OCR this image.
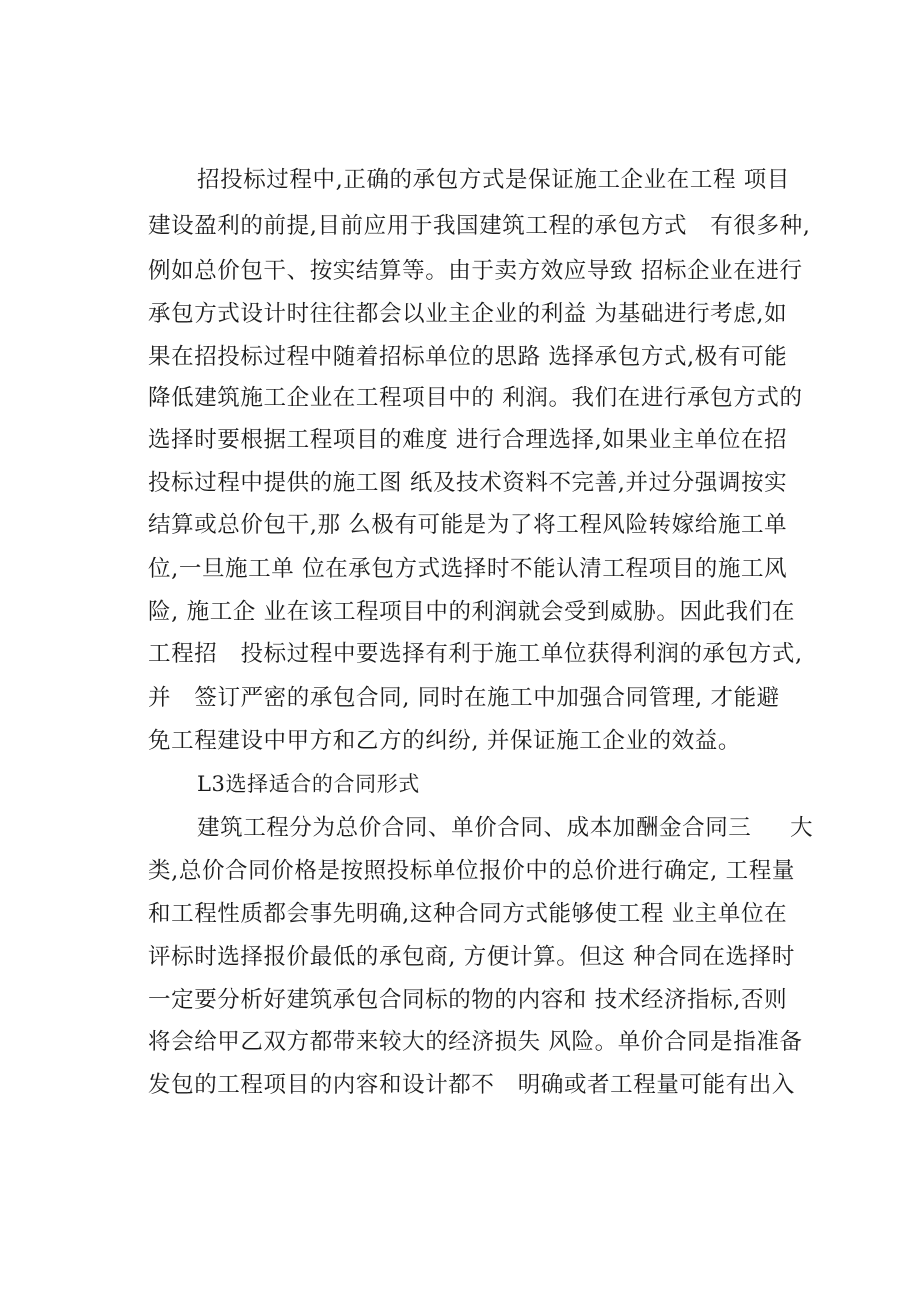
招投标过程中,正确的承包方式是保证施工企业在工程 项目
建设盈利的前提,目前应用于我国建筑工程的承包方式   有很多种,
例如总价包干、按实结算等。由于卖方效应导致 招标企业在进行
承包方式设计时往往都会以业主企业的利益 为基础进行考虑,如
果在招投标过程中随着招标单位的思路 选择承包方式,极有可能
降低建筑施工企业在工程项目中的 利润。我们在进行承包方式的
选择时要根据工程项目的难度 进行合理选择,如果业主单位在招
投标过程中提供的施工图 纸及技术资料不完善,并过分强调按实
结算或总价包干,那 么极有可能是为了将工程风险转嫁给施工单
位,一旦施工单 位在承包方式选择时不能认清工程项目的施工风
险, 施工企 业在该工程项目中的利润就会受到威胁。因此我们在
工程招   投标过程中要选择有利于施工单位获得利润的承包方式,
并   签订严密的承包合同, 同时在施工中加强合同管理, 才能避
免工程建设中甲方和乙方的纠纷, 并保证施工企业的效益。
L3选择适合的合同形式
建筑工程分为总价合同、单价合同、成本加酬金合同三     大
类,总价合同价格是按照投标单位报价中的总价进行确定, 工程量
和工程性质都会事先明确,这种合同方式能够使工程 业主单位在
评标时选择报价最低的承包商, 方便计算。但这 种合同在选择时
一定要分析好建筑承包合同标的物的内容和 技术经济指标,否则
将会给甲乙双方都带来较大的经济损失 风险。单价合同是指准备
发包的工程项目的内容和设计都不   明确或者工程量可能有出入
